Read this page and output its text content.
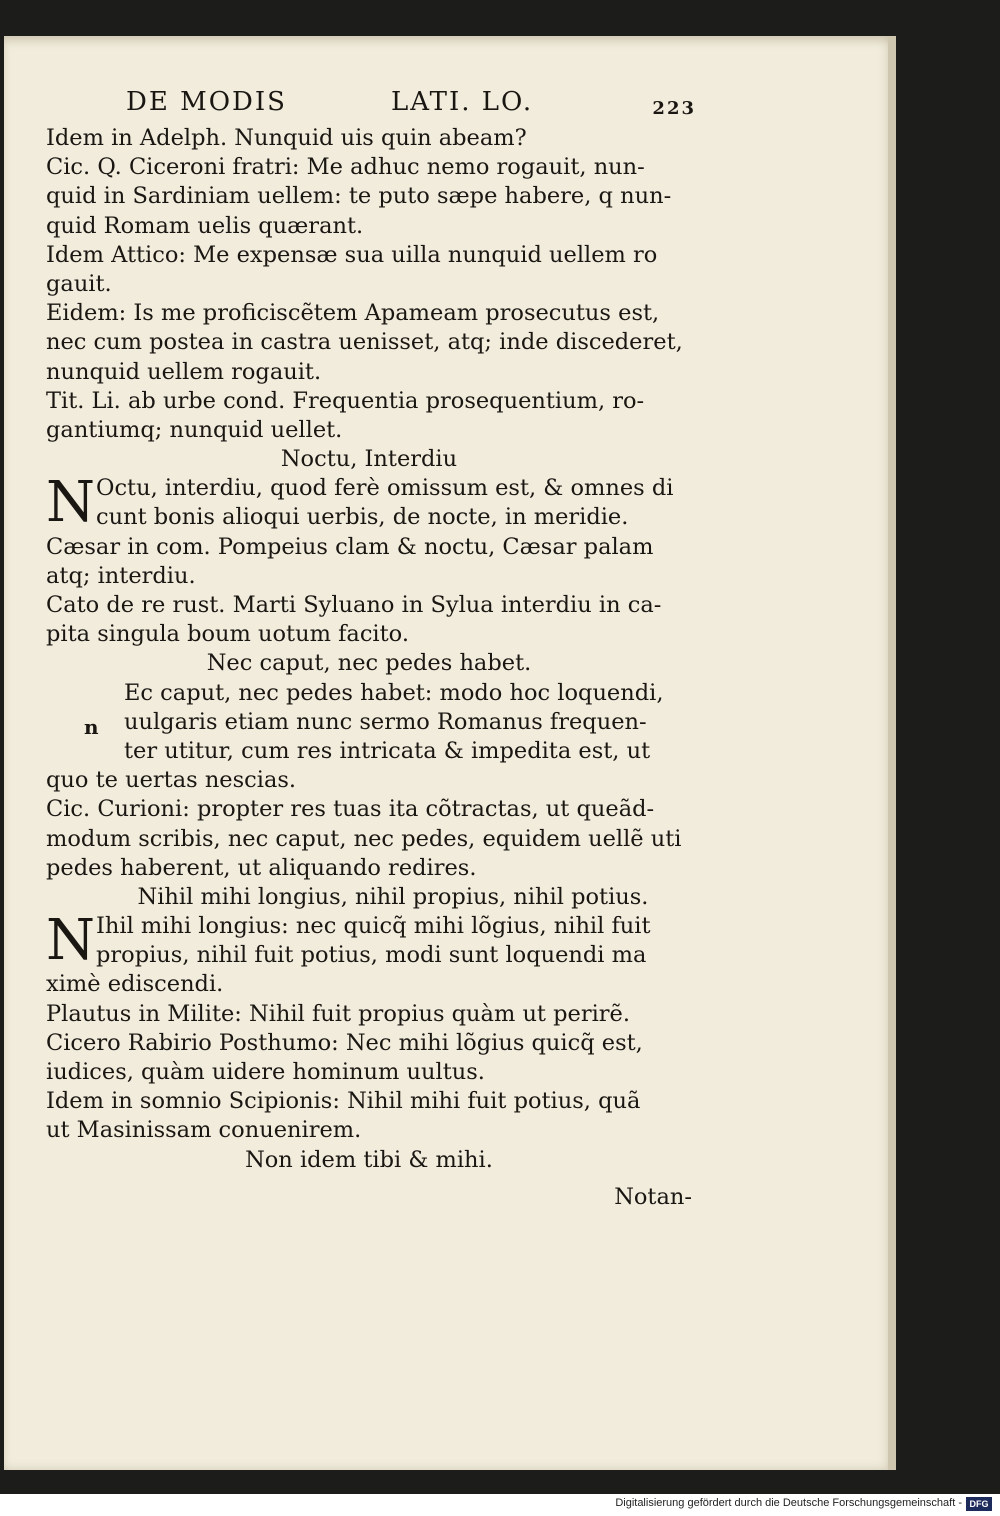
DE MODIS	LATI. LO.	223
Idem in Adelph. Nunquid uis quin abeam?
Cic. Q. Ciceroni fratri: Me adhuc nemo rogauit, nun-
quid in Sardiniam uellem: te puto sæpe habere, q nun-
quid Romam uelis quærant.
Idem Attico: Me expensæ sua uilla nunquid uellem ro
gauit.
Eidem: Is me proficiscẽtem Apameam prosecutus est,
nec cum postea in castra uenisset, atq; inde discederet,
nunquid uellem rogauit.
Tit. Li. ab urbe cond. Frequentia prosequentium, ro-
gantiumq; nunquid uellet.
Noctu, Interdiu
N Octu, interdiu, quod ferè omissum est, & omnes di
cunt bonis alioqui uerbis, de nocte, in meridie.
Cæsar in com. Pompeius clam & noctu, Cæsar palam
atq; interdiu.
Cato de re rust. Marti Syluano in Sylua interdiu in ca-
pita singula boum uotum facito.
Nec caput, nec pedes habet.
n
Ec caput, nec pedes habet: modo hoc loquendi,
uulgaris etiam nunc sermo Romanus frequen-
ter utitur, cum res intricata & impedita est, ut
quo te uertas nescias.
Cic. Curioni: propter res tuas ita cõtractas, ut queãd-
modum scribis, nec caput, nec pedes, equidem uellẽ uti
pedes haberent, ut aliquando redires.
Nihil mihi longius, nihil propius, nihil potius.
N Ihil mihi longius: nec quicq̃ mihi lõgius, nihil fuit
propius, nihil fuit potius, modi sunt loquendi ma
ximè ediscendi.
Plautus in Milite: Nihil fuit propius quàm ut perirẽ.
Cicero Rabirio Posthumo: Nec mihi lõgius quicq̃ est,
iudices, quàm uidere hominum uultus.
Idem in somnio Scipionis: Nihil mihi fuit potius, quã
ut Masinissam conuenirem.
Non idem tibi & mihi.
Notan-
Digitalisierung gefördert durch die Deutsche Forschungsgemeinschaft - DFG
